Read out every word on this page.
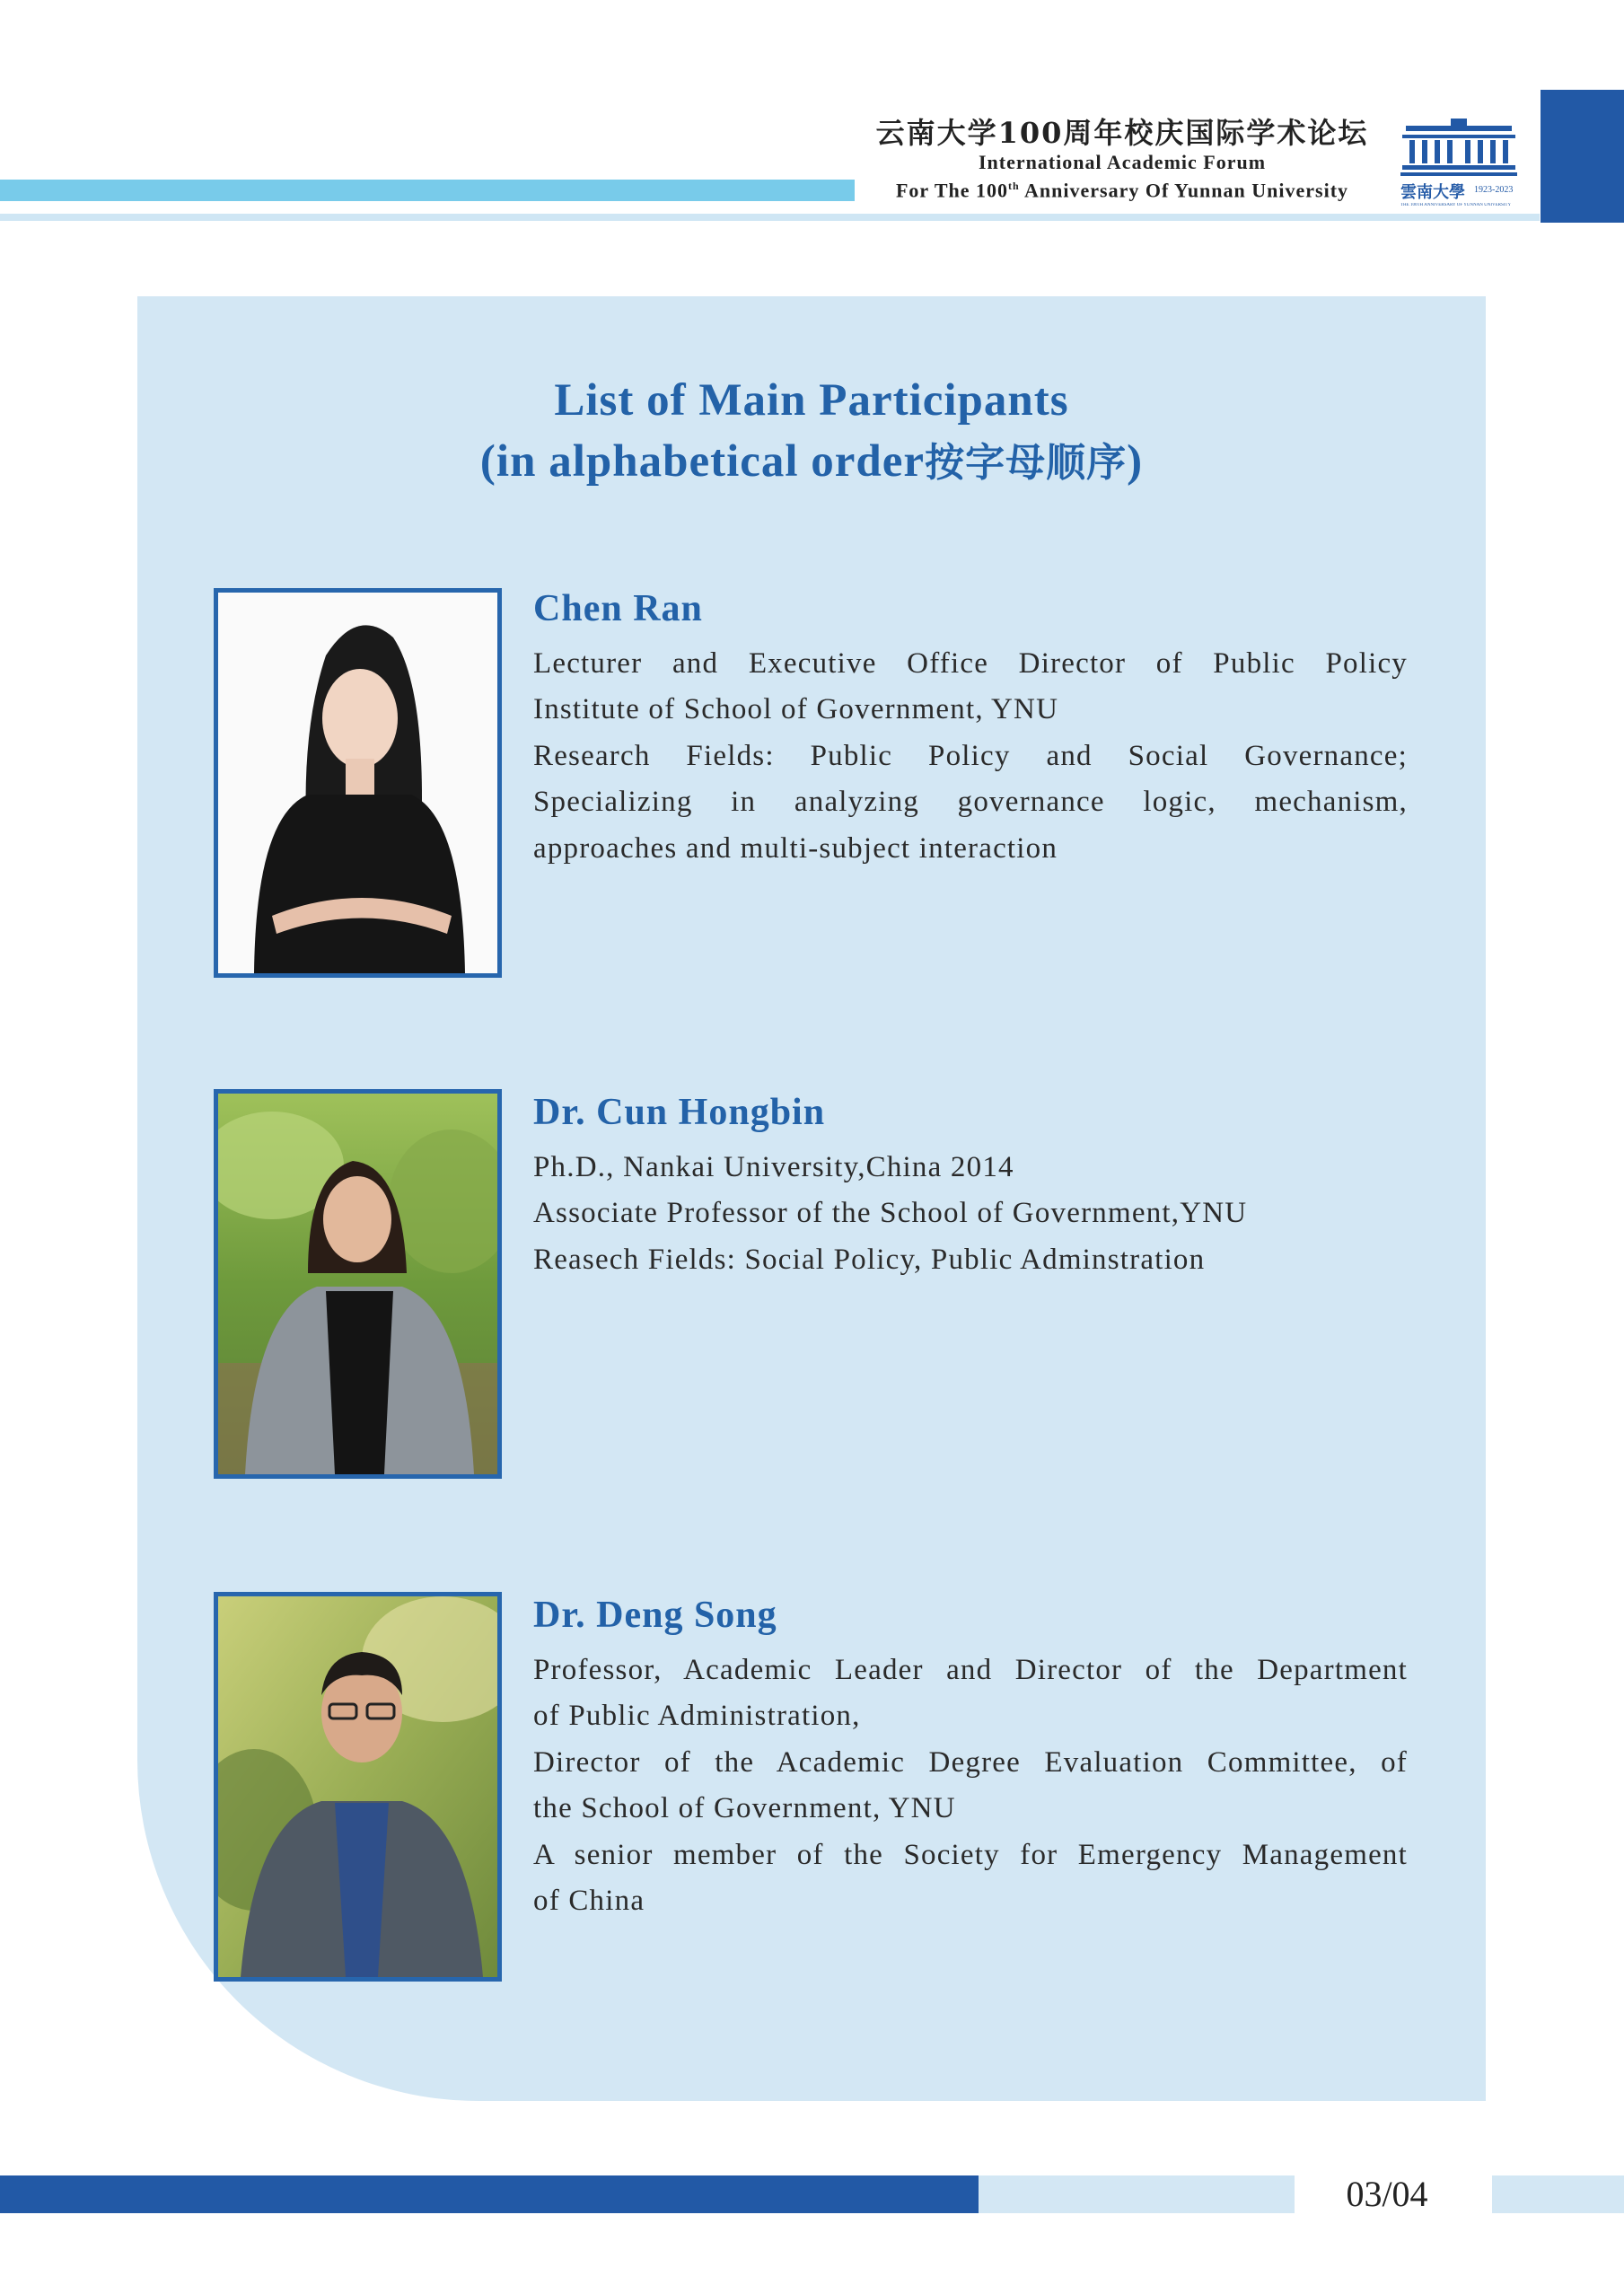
云南大学100周年校庆国际学术论坛
International Academic Forum
For The 100th Anniversary Of Yunnan University	雲南大學	1923-2023
THE 100TH ANNIVERSARY OF YUNNAN UNIVERSITY
List of Main Participants
(in alphabetical order按字母顺序)
Chen Ran
Lecturer and Executive Office Director of Public Policy
Institute of School of Government, YNU
Research Fields: Public Policy and Social Governance;
Specializing in analyzing governance logic, mechanism,
approaches and multi-subject interaction
Dr. Cun Hongbin
Ph.D., Nankai University,China 2014
Associate Professor of the School of Government,YNU
Reasech Fields: Social Policy, Public Adminstration
Dr. Deng Song
Professor, Academic Leader and Director of the Department
of Public Administration,
Director of the Academic Degree Evaluation Committee, of
the School of Government, YNU
A senior member of the Society for Emergency Management
of China
03/04
